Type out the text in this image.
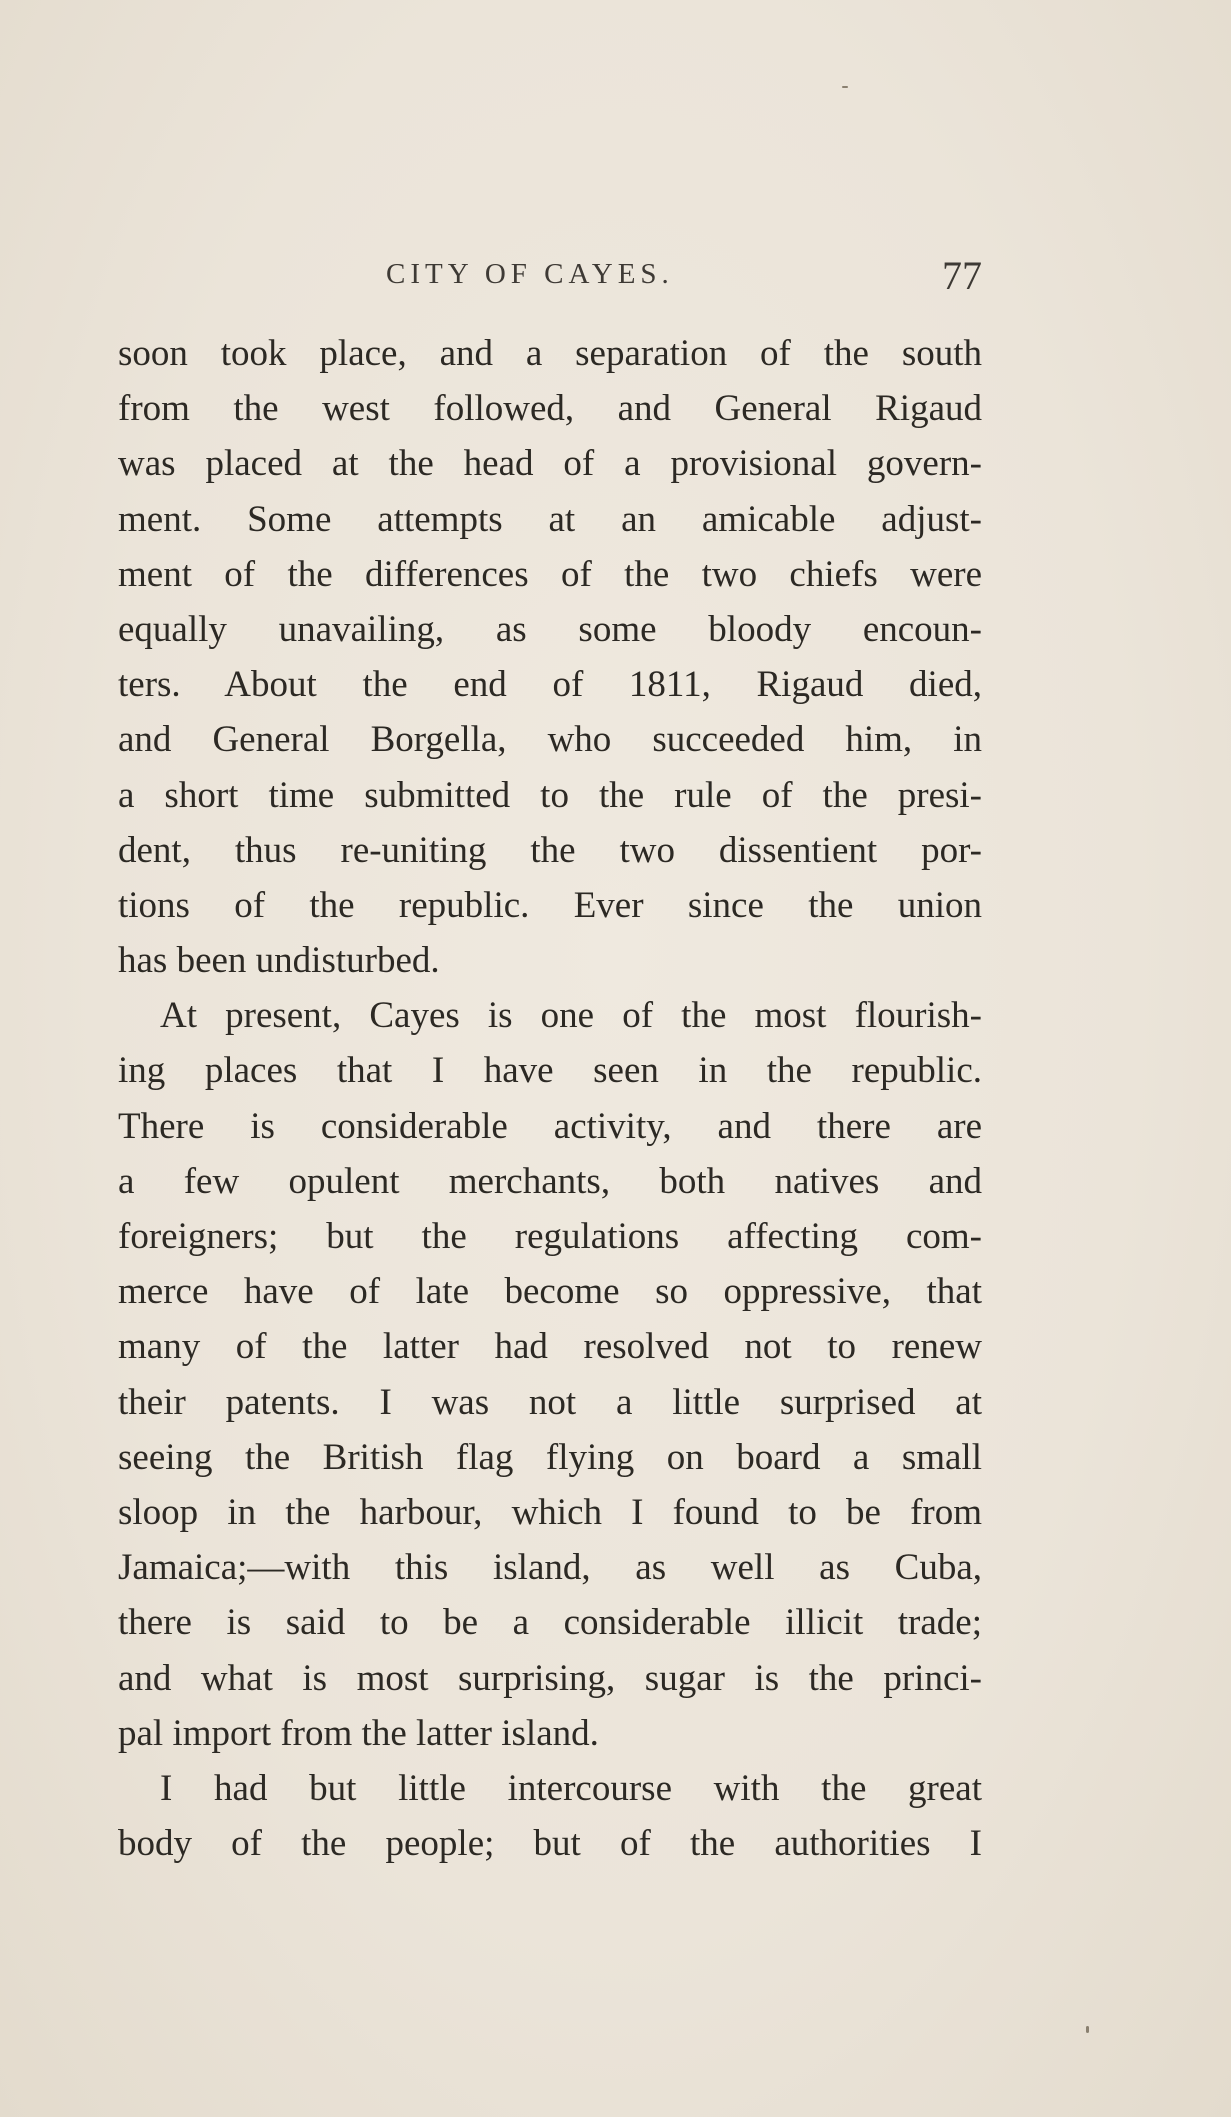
CITY OF CAYES.	77
soon took place, and a separation of the south
from the west followed, and General Rigaud
was placed at the head of a provisional govern-
ment. Some attempts at an amicable adjust-
ment of the differences of the two chiefs were
equally unavailing, as some bloody encoun-
ters. About the end of 1811, Rigaud died,
and General Borgella, who succeeded him, in
a short time submitted to the rule of the presi-
dent, thus re-uniting the two dissentient por-
tions of the republic. Ever since the union
has been undisturbed.
At present, Cayes is one of the most flourish-
ing places that I have seen in the republic.
There is considerable activity, and there are
a few opulent merchants, both natives and
foreigners; but the regulations affecting com-
merce have of late become so oppressive, that
many of the latter had resolved not to renew
their patents. I was not a little surprised at
seeing the British flag flying on board a small
sloop in the harbour, which I found to be from
Jamaica;—with this island, as well as Cuba,
there is said to be a considerable illicit trade;
and what is most surprising, sugar is the princi-
pal import from the latter island.
I had but little intercourse with the great
body of the people; but of the authorities I
